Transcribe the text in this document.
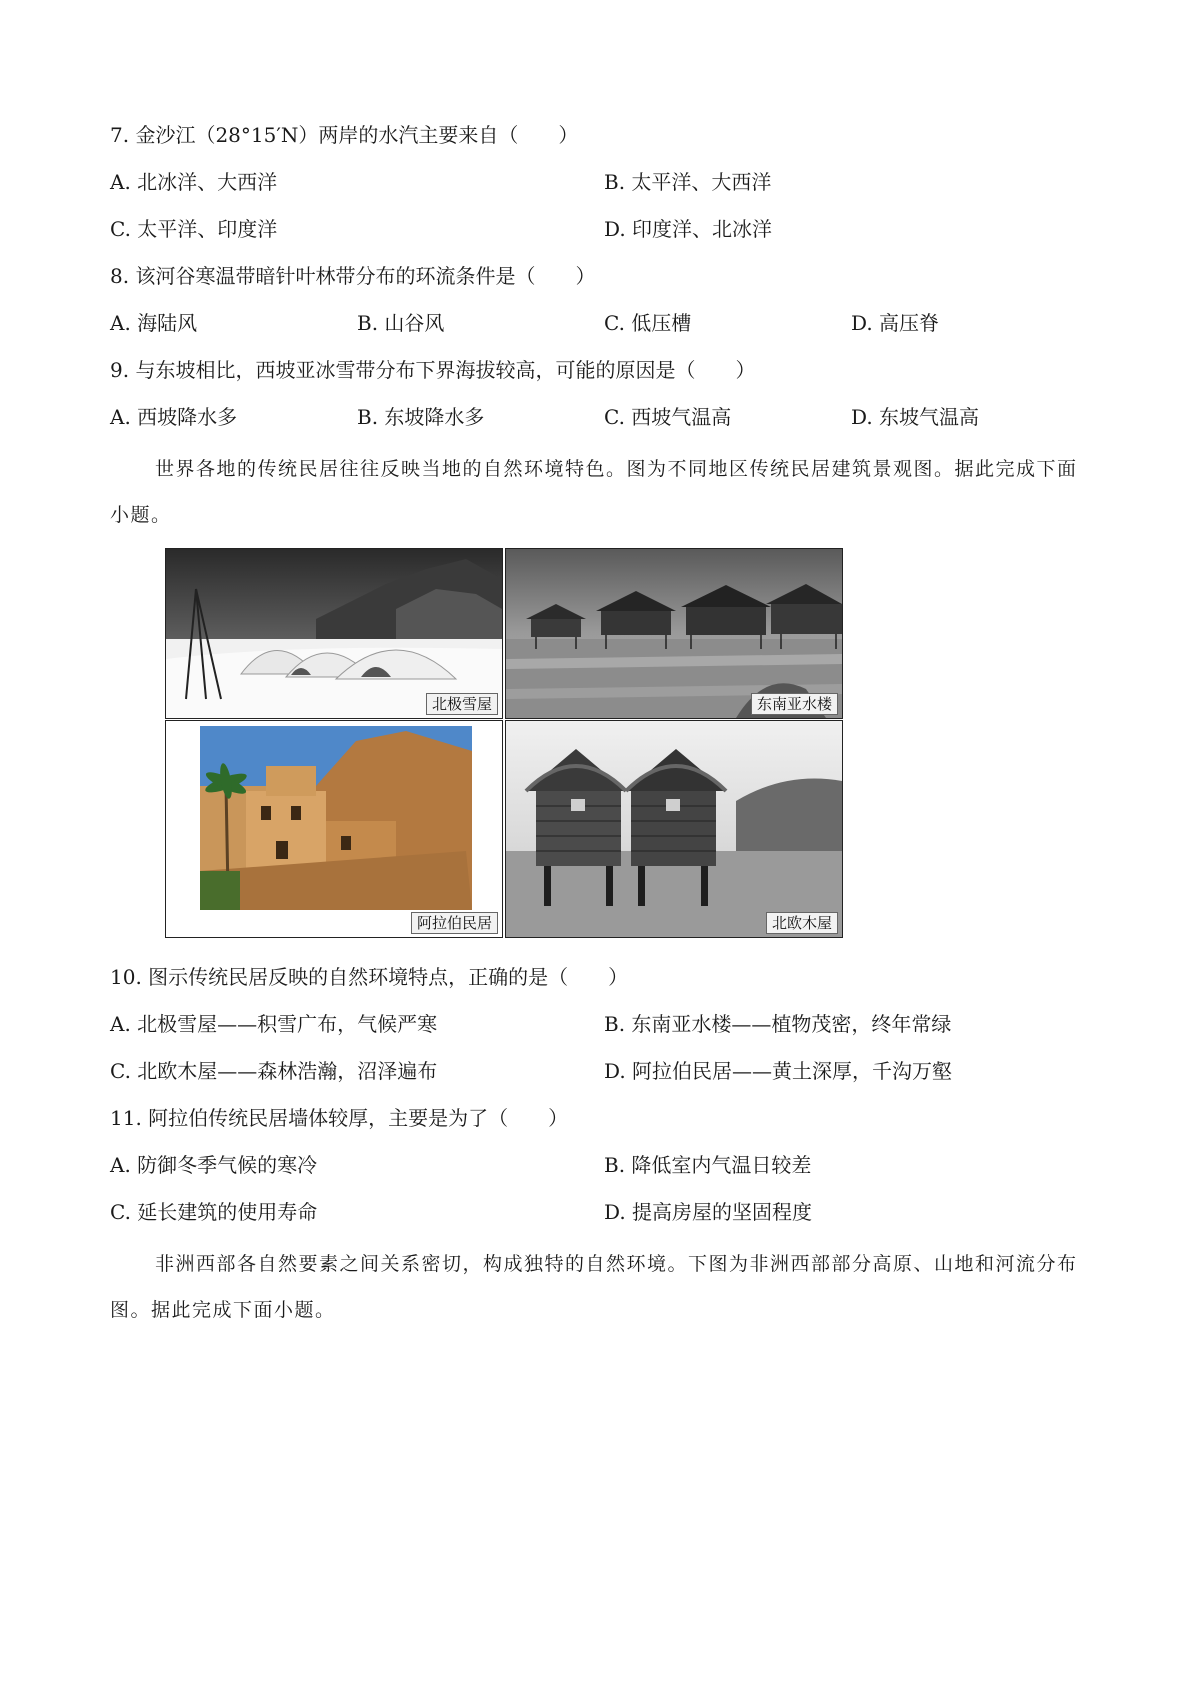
7. 金沙江（28°15′N）两岸的水汽主要来自（　　）
A. 北冰洋、大西洋	B. 太平洋、大西洋
C. 太平洋、印度洋	D. 印度洋、北冰洋
8. 该河谷寒温带暗针叶林带分布的环流条件是（　　）
A. 海陆风	B. 山谷风	C. 低压槽	D. 高压脊
9. 与东坡相比，西坡亚冰雪带分布下界海拔较高，可能的原因是（　　）
A. 西坡降水多	B. 东坡降水多	C. 西坡气温高	D. 东坡气温高
世界各地的传统民居往往反映当地的自然环境特色。图为不同地区传统民居建筑景观图。据此完成下面小题。
北极雪屋	东南亚水楼
阿拉伯民居	北欧木屋
10. 图示传统民居反映的自然环境特点，正确的是（　　）
A. 北极雪屋——积雪广布，气候严寒	B. 东南亚水楼——植物茂密，终年常绿
C. 北欧木屋——森林浩瀚，沼泽遍布	D. 阿拉伯民居——黄土深厚，千沟万壑
11. 阿拉伯传统民居墙体较厚，主要是为了（　　）
A. 防御冬季气候的寒冷	B. 降低室内气温日较差
C. 延长建筑的使用寿命	D. 提高房屋的坚固程度
非洲西部各自然要素之间关系密切，构成独特的自然环境。下图为非洲西部部分高原、山地和河流分布图。据此完成下面小题。
